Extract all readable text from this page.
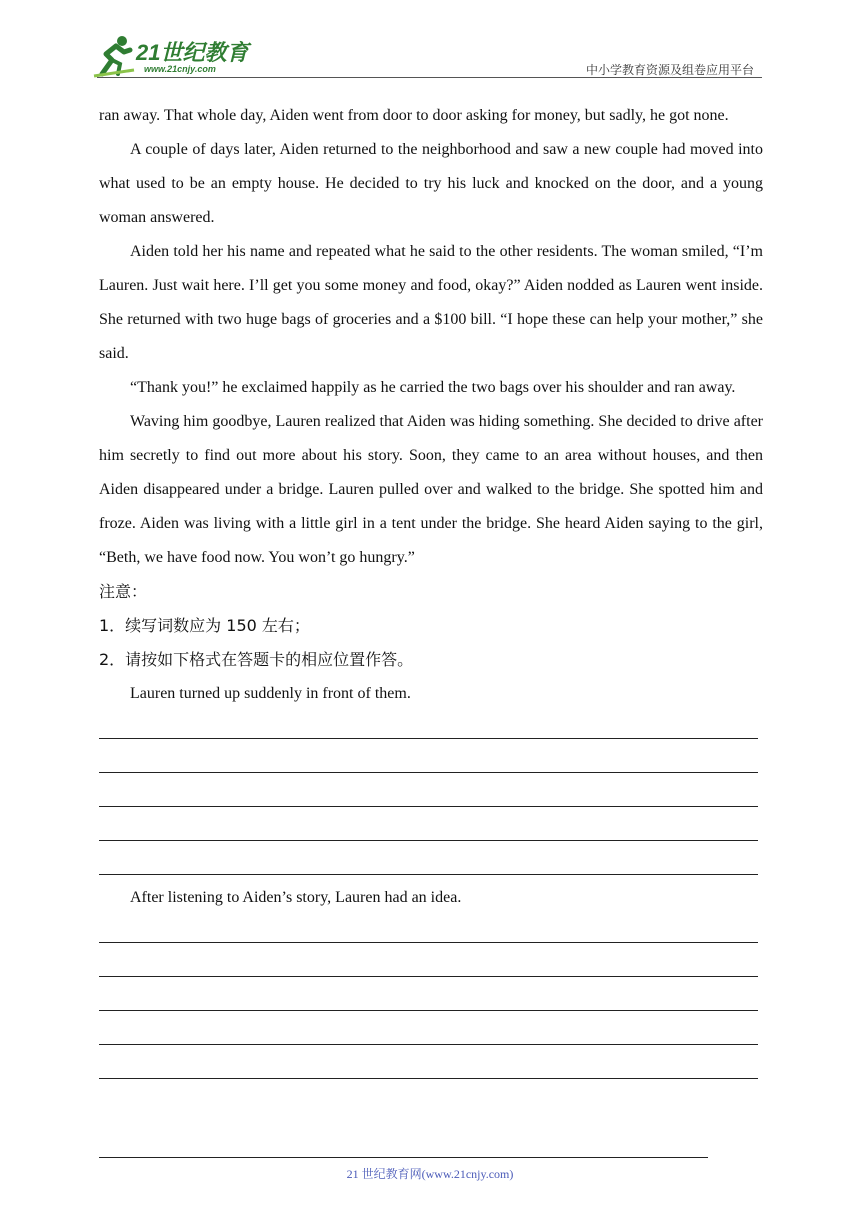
21世纪教育
www.21cnjy.com	中小学教育资源及组卷应用平台

ran away. That whole day, Aiden went from door to door asking for money, but sadly, he got none.

A couple of days later, Aiden returned to the neighborhood and saw a new couple had moved into what used to be an empty house. He decided to try his luck and knocked on the door, and a young woman answered.

Aiden told her his name and repeated what he said to the other residents. The woman smiled, “I’m Lauren. Just wait here. I’ll get you some money and food, okay?” Aiden nodded as Lauren went inside. She returned with two huge bags of groceries and a $100 bill. “I hope these can help your mother,” she said.

“Thank you!” he exclaimed happily as he carried the two bags over his shoulder and ran away.

Waving him goodbye, Lauren realized that Aiden was hiding something. She decided to drive after him secretly to find out more about his story. Soon, they came to an area without houses, and then Aiden disappeared under a bridge. Lauren pulled over and walked to the bridge. She spotted him and froze. Aiden was living with a little girl in a tent under the bridge. She heard Aiden saying to the girl, “Beth, we have food now. You won’t go hungry.”

注意：

1．续写词数应为 150 左右；

2．请按如下格式在答题卡的相应位置作答。

Lauren turned up suddenly in front of them.

After listening to Aiden’s story, Lauren had an idea.

21 世纪教育网(www.21cnjy.com)
